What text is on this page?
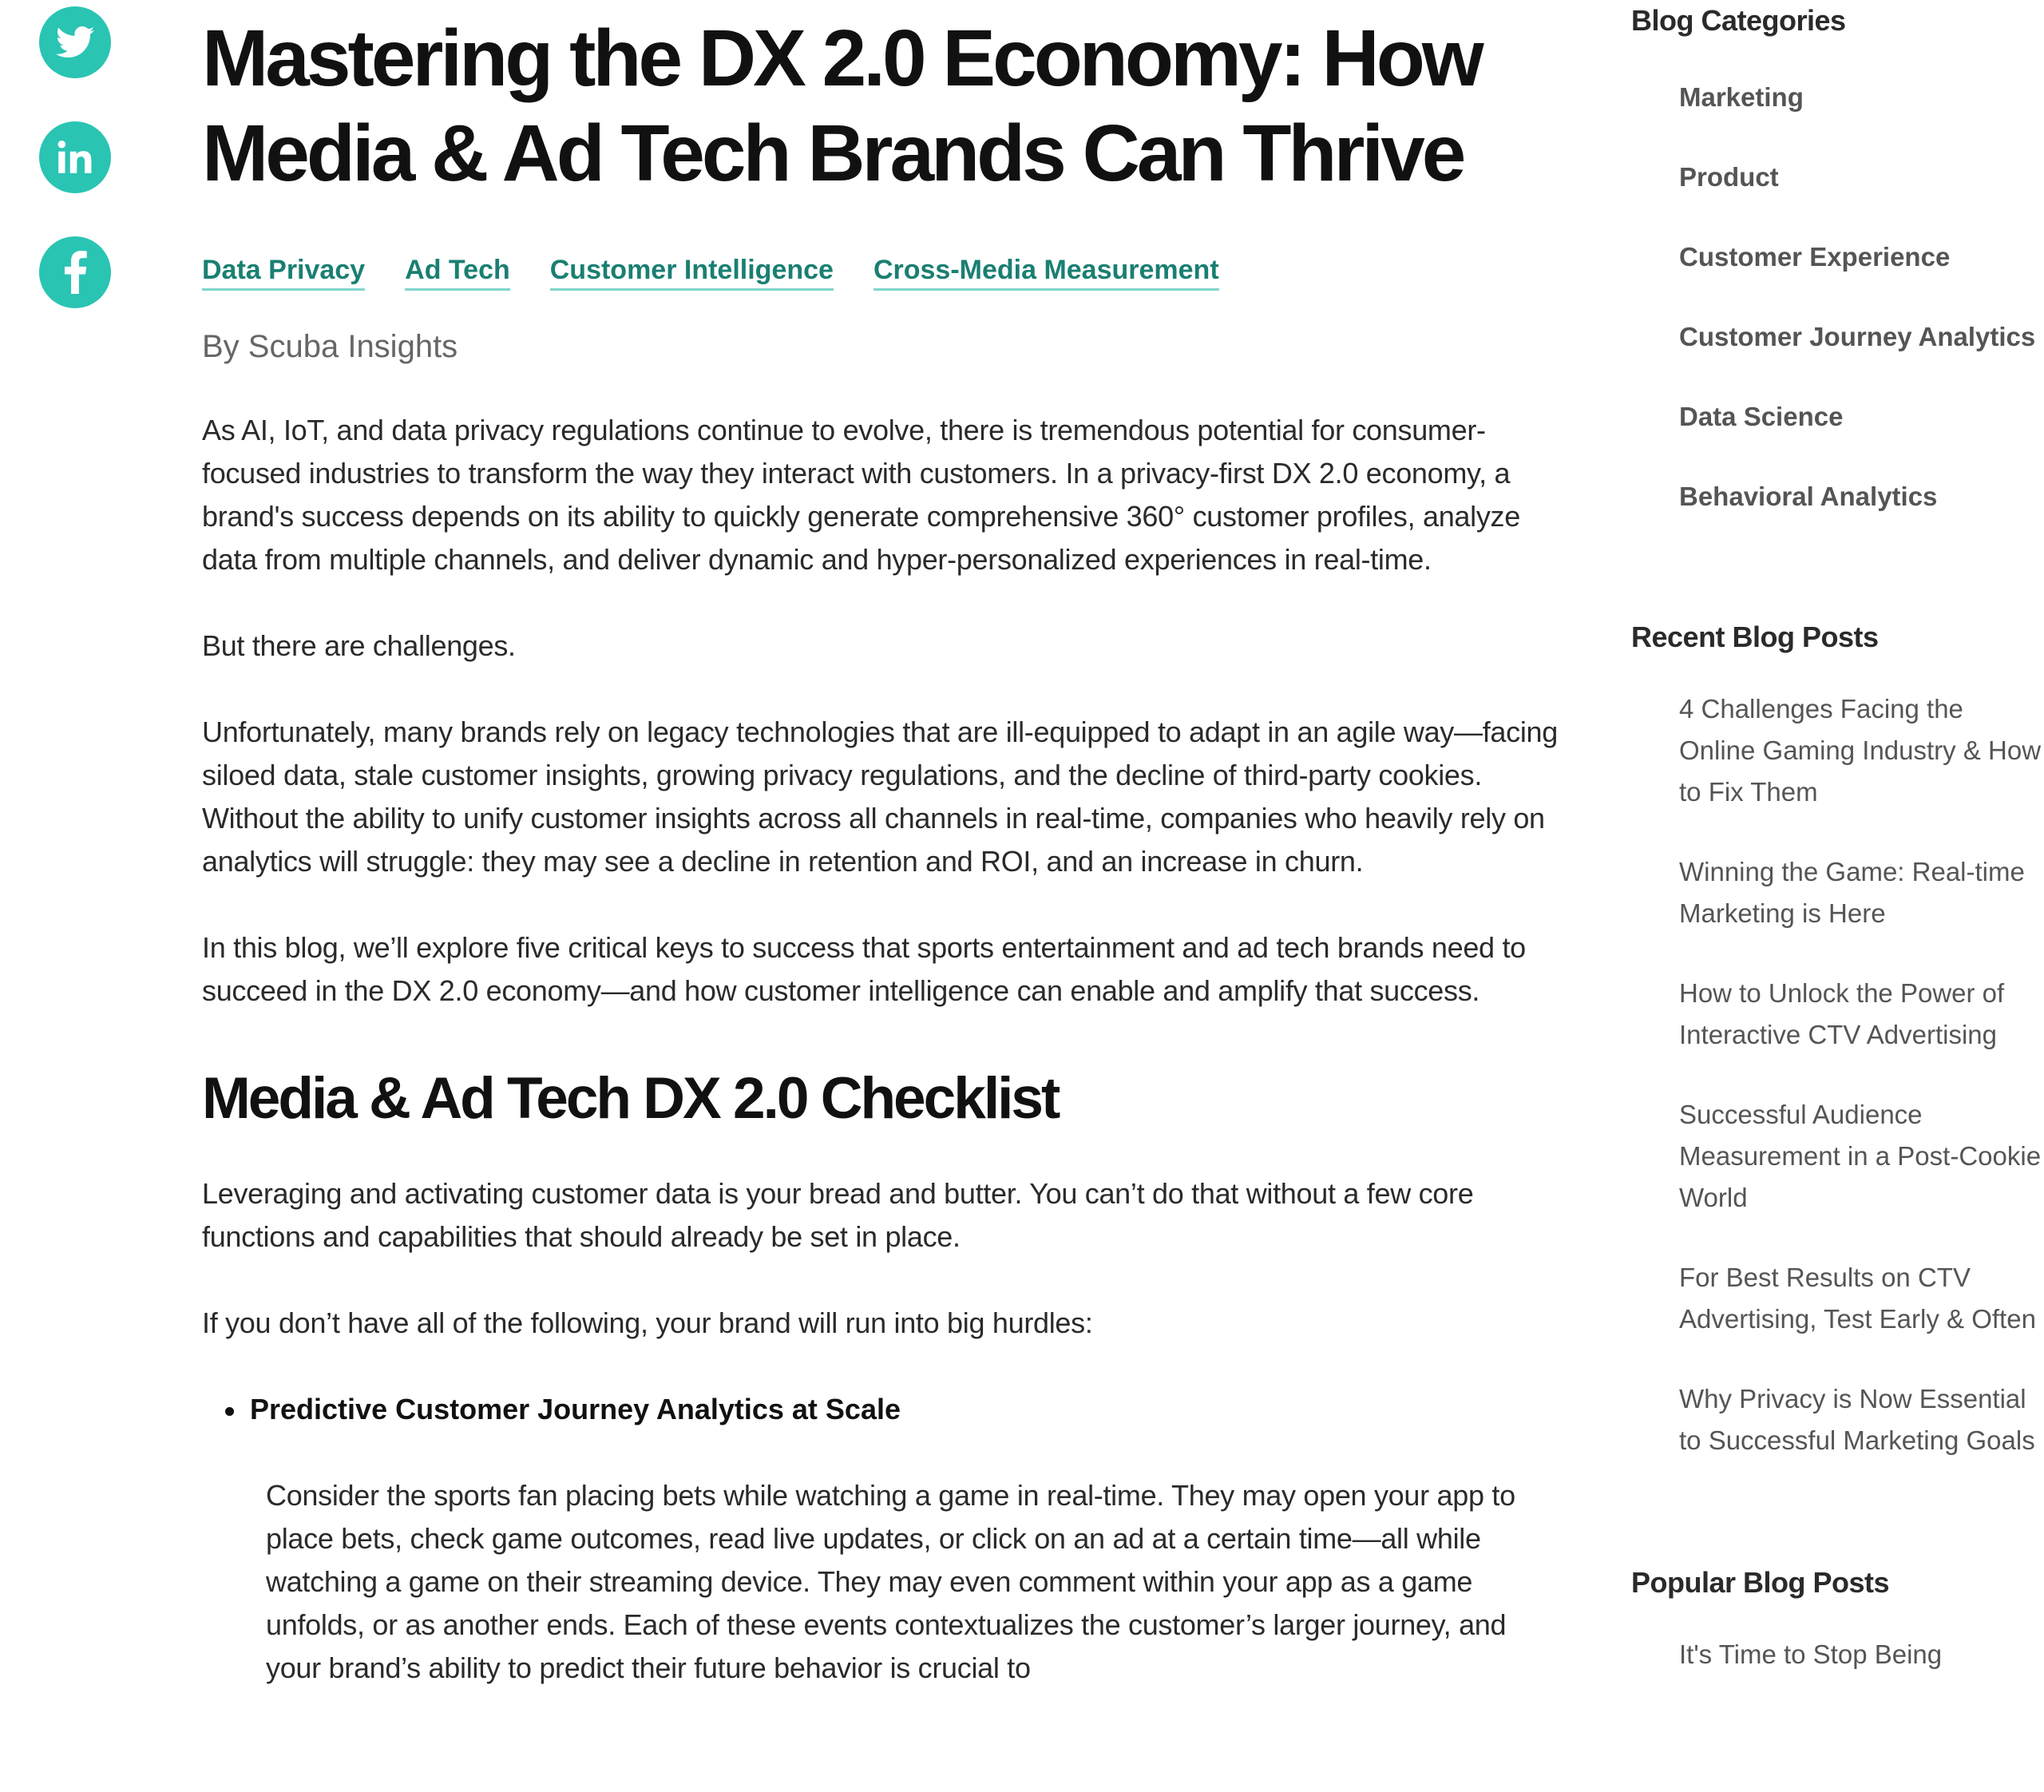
Mastering the DX 2.0 Economy: How Media & Ad Tech Brands Can Thrive
Data Privacy Ad Tech Customer Intelligence Cross-Media Measurement
By Scuba Insights

As AI, IoT, and data privacy regulations continue to evolve, there is tremendous potential for consumer-focused industries to transform the way they interact with customers. In a privacy-first DX 2.0 economy, a brand's success depends on its ability to quickly generate comprehensive 360° customer profiles, analyze data from multiple channels, and deliver dynamic and hyper-personalized experiences in real-time.

But there are challenges.

Unfortunately, many brands rely on legacy technologies that are ill-equipped to adapt in an agile way—facing siloed data, stale customer insights, growing privacy regulations, and the decline of third-party cookies. Without the ability to unify customer insights across all channels in real-time, companies who heavily rely on analytics will struggle: they may see a decline in retention and ROI, and an increase in churn.

In this blog, we’ll explore five critical keys to success that sports entertainment and ad tech brands need to succeed in the DX 2.0 economy—and how customer intelligence can enable and amplify that success.

Media & Ad Tech DX 2.0 Checklist

Leveraging and activating customer data is your bread and butter. You can’t do that without a few core functions and capabilities that should already be set in place.

If you don’t have all of the following, your brand will run into big hurdles:

Predictive Customer Journey Analytics at Scale
Consider the sports fan placing bets while watching a game in real-time. They may open your app to place bets, check game outcomes, read live updates, or click on an ad at a certain time—all while watching a game on their streaming device. They may even comment within your app as a game unfolds, or as another ends. Each of these events contextualizes the customer’s larger journey, and your brand’s ability to predict their future behavior is crucial to
Blog Categories
Marketing
Product
Customer Experience
Customer Journey Analytics
Data Science
Behavioral Analytics
Recent Blog Posts
4 Challenges Facing the Online Gaming Industry & How to Fix Them
Winning the Game: Real-time Marketing is Here
How to Unlock the Power of Interactive CTV Advertising
Successful Audience Measurement in a Post-Cookie World
For Best Results on CTV Advertising, Test Early & Often
Why Privacy is Now Essential to Successful Marketing Goals
Popular Blog Posts
It's Time to Stop Being
